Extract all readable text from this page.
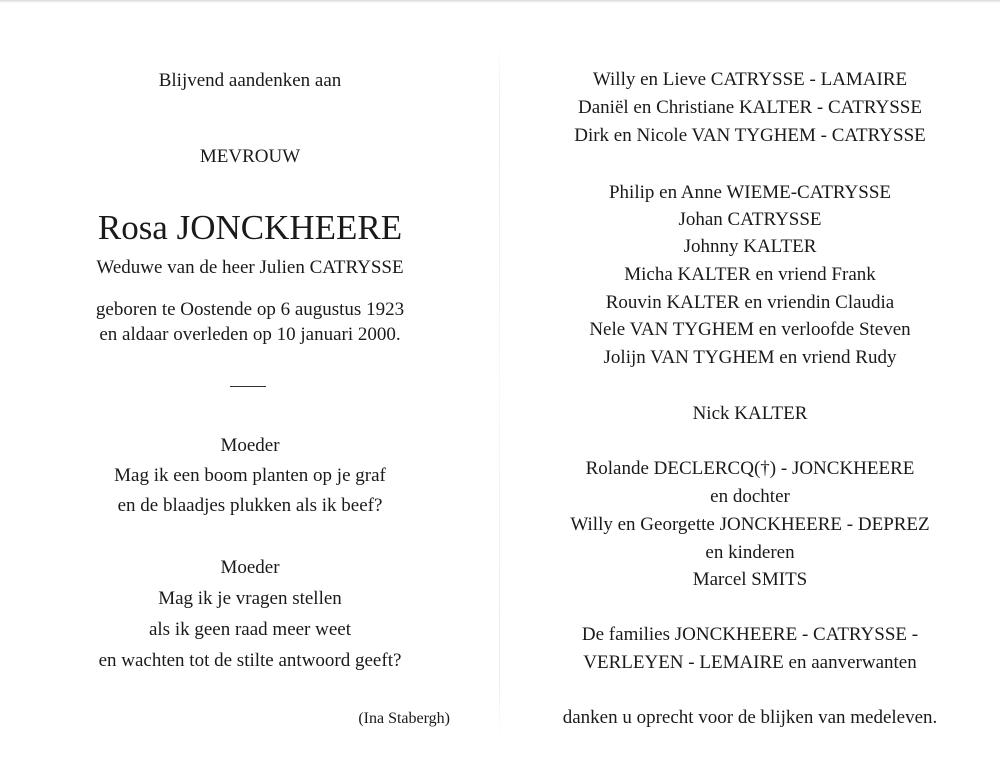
Blijvend aandenken aan
MEVROUW
Rosa JONCKHEERE
Weduwe van de heer Julien CATRYSSE
geboren te Oostende op 6 augustus 1923
en aldaar overleden op 10 januari 2000.
Moeder
Mag ik een boom planten op je graf
en de blaadjes plukken als ik beef?
Moeder
Mag ik je vragen stellen
als ik geen raad meer weet
en wachten tot de stilte antwoord geeft?
(Ina Stabergh)
Willy en Lieve CATRYSSE - LAMAIRE
Daniël en Christiane KALTER - CATRYSSE
Dirk en Nicole VAN TYGHEM - CATRYSSE
Philip en Anne WIEME-CATRYSSE
Johan CATRYSSE
Johnny KALTER
Micha KALTER en vriend Frank
Rouvin KALTER en vriendin Claudia
Nele VAN TYGHEM en verloofde Steven
Jolijn VAN TYGHEM en vriend Rudy
Nick KALTER
Rolande DECLERCQ(†) - JONCKHEERE
en dochter
Willy en Georgette JONCKHEERE - DEPREZ
en kinderen
Marcel SMITS
De families JONCKHEERE - CATRYSSE -
VERLEYEN - LEMAIRE en aanverwanten
danken u oprecht voor de blijken van medeleven.
